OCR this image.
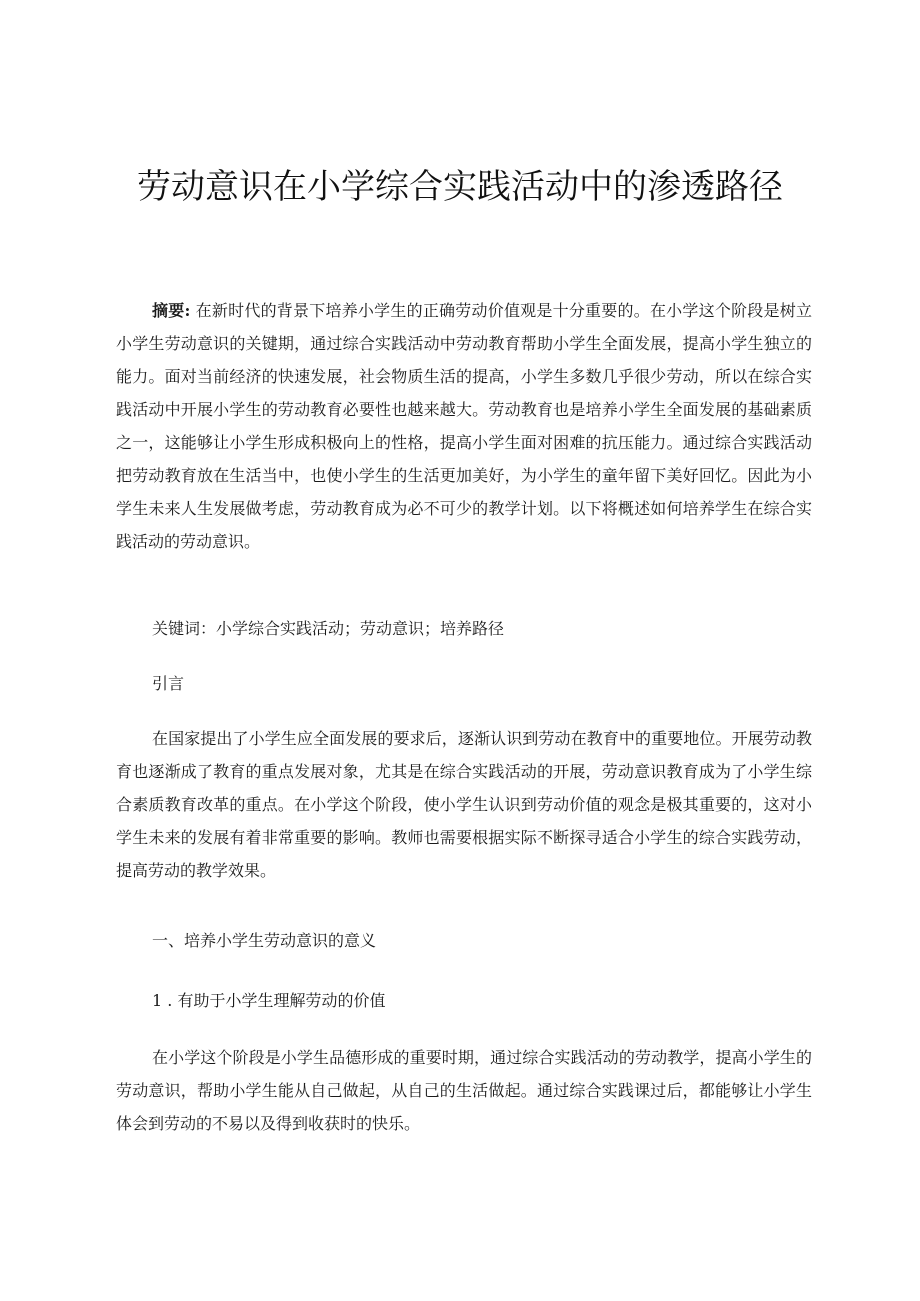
劳动意识在小学综合实践活动中的渗透路径

摘要: 在新时代的背景下培养小学生的正确劳动价值观是十分重要的。在小学这个阶段是树立小学生劳动意识的关键期，通过综合实践活动中劳动教育帮助小学生全面发展，提高小学生独立的能力。面对当前经济的快速发展，社会物质生活的提高，小学生多数几乎很少劳动，所以在综合实践活动中开展小学生的劳动教育必要性也越来越大。劳动教育也是培养小学生全面发展的基础素质之一，这能够让小学生形成积极向上的性格，提高小学生面对困难的抗压能力。通过综合实践活动把劳动教育放在生活当中，也使小学生的生活更加美好，为小学生的童年留下美好回忆。因此为小学生未来人生发展做考虑，劳动教育成为必不可少的教学计划。以下将概述如何培养学生在综合实践活动的劳动意识。

关键词：小学综合实践活动；劳动意识；培养路径

引言

在国家提出了小学生应全面发展的要求后，逐渐认识到劳动在教育中的重要地位。开展劳动教育也逐渐成了教育的重点发展对象，尤其是在综合实践活动的开展，劳动意识教育成为了小学生综合素质教育改革的重点。在小学这个阶段，使小学生认识到劳动价值的观念是极其重要的，这对小学生未来的发展有着非常重要的影响。教师也需要根据实际不断探寻适合小学生的综合实践劳动，提高劳动的教学效果。

一、培养小学生劳动意识的意义

1 . 有助于小学生理解劳动的价值

在小学这个阶段是小学生品德形成的重要时期，通过综合实践活动的劳动教学，提高小学生的劳动意识，帮助小学生能从自己做起，从自己的生活做起。通过综合实践课过后，都能够让小学生体会到劳动的不易以及得到收获时的快乐。
